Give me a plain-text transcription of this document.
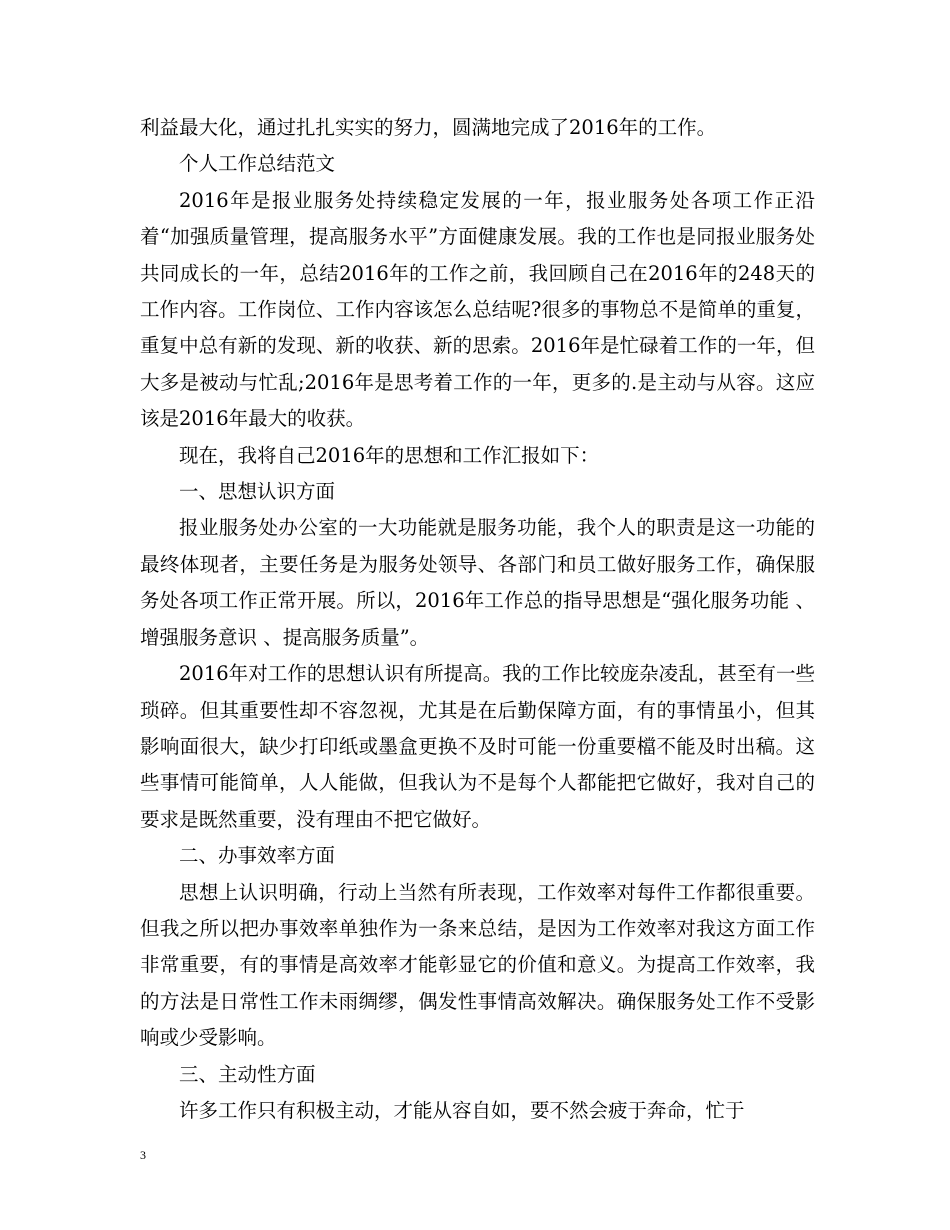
利益最大化，通过扎扎实实的努力，圆满地完成了2016年的工作。

个人工作总结范文

2016年是报业服务处持续稳定发展的一年，报业服务处各项工作正沿着“加强质量管理，提高服务水平”方面健康发展。我的工作也是同报业服务处共同成长的一年，总结2016年的工作之前，我回顾自己在2016年的248天的工作内容。工作岗位、工作内容该怎么总结呢?很多的事物总不是简单的重复，重复中总有新的发现、新的收获、新的思索。2016年是忙碌着工作的一年，但大多是被动与忙乱;2016年是思考着工作的一年，更多的.是主动与从容。这应该是2016年最大的收获。

现在，我将自己2016年的思想和工作汇报如下：

一、思想认识方面

报业服务处办公室的一大功能就是服务功能，我个人的职责是这一功能的最终体现者，主要任务是为服务处领导、各部门和员工做好服务工作，确保服务处各项工作正常开展。所以，2016年工作总的指导思想是“强化服务功能 、增强服务意识 、提高服务质量”。

2016年对工作的思想认识有所提高。我的工作比较庞杂凌乱，甚至有一些琐碎。但其重要性却不容忽视，尤其是在后勤保障方面，有的事情虽小，但其影响面很大，缺少打印纸或墨盒更换不及时可能一份重要檔不能及时出稿。这些事情可能简单，人人能做，但我认为不是每个人都能把它做好，我对自己的要求是既然重要，没有理由不把它做好。

二、办事效率方面

思想上认识明确，行动上当然有所表现，工作效率对每件工作都很重要。但我之所以把办事效率单独作为一条来总结，是因为工作效率对我这方面工作非常重要，有的事情是高效率才能彰显它的价值和意义。为提高工作效率，我的方法是日常性工作未雨绸缪，偶发性事情高效解决。确保服务处工作不受影响或少受影响。

三、主动性方面

许多工作只有积极主动，才能从容自如，要不然会疲于奔命，忙于

3
